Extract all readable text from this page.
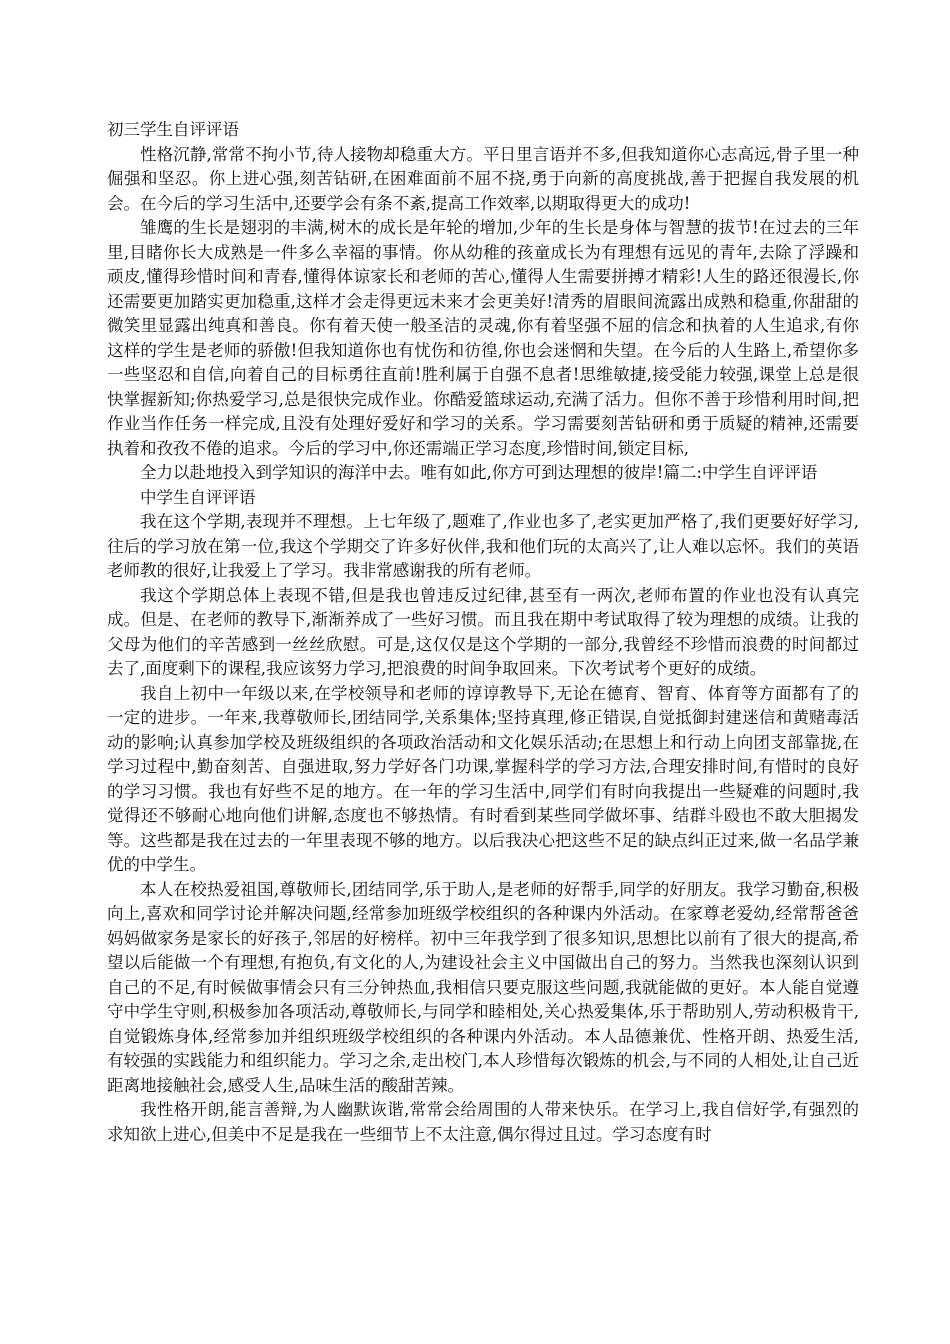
初三学生自评评语

性格沉静,常常不拘小节,待人接物却稳重大方。平日里言语并不多,但我知道你心志高远,骨子里一种倔强和坚忍。你上进心强,刻苦钻研,在困难面前不屈不挠,勇于向新的高度挑战,善于把握自我发展的机会。在今后的学习生活中,还要学会有条不紊,提高工作效率,以期取得更大的成功!

雏鹰的生长是翅羽的丰满,树木的成长是年轮的增加,少年的生长是身体与智慧的拔节!在过去的三年里,目睹你长大成熟是一件多么幸福的事情。你从幼稚的孩童成长为有理想有远见的青年,去除了浮躁和顽皮,懂得珍惜时间和青春,懂得体谅家长和老师的苦心,懂得人生需要拼搏才精彩!人生的路还很漫长,你还需要更加踏实更加稳重,这样才会走得更远未来才会更美好!清秀的眉眼间流露出成熟和稳重,你甜甜的微笑里显露出纯真和善良。你有着天使一般圣洁的灵魂,你有着坚强不屈的信念和执着的人生追求,有你这样的学生是老师的骄傲!但我知道你也有忧伤和彷徨,你也会迷惘和失望。在今后的人生路上,希望你多一些坚忍和自信,向着自己的目标勇往直前!胜利属于自强不息者!思维敏捷,接受能力较强,课堂上总是很快掌握新知;你热爱学习,总是很快完成作业。你酷爱篮球运动,充满了活力。但你不善于珍惜利用时间,把作业当作任务一样完成,且没有处理好爱好和学习的关系。学习需要刻苦钻研和勇于质疑的精神,还需要执着和孜孜不倦的追求。今后的学习中,你还需端正学习态度,珍惜时间,锁定目标,

全力以赴地投入到学知识的海洋中去。唯有如此,你方可到达理想的彼岸!篇二:中学生自评评语

中学生自评评语

我在这个学期,表现并不理想。上七年级了,题难了,作业也多了,老实更加严格了,我们更要好好学习,往后的学习放在第一位,我这个学期交了许多好伙伴,我和他们玩的太高兴了,让人难以忘怀。我们的英语老师教的很好,让我爱上了学习。我非常感谢我的所有老师。

我这个学期总体上表现不错,但是我也曾违反过纪律,甚至有一两次,老师布置的作业也没有认真完成。但是、在老师的教导下,渐渐养成了一些好习惯。而且我在期中考试取得了较为理想的成绩。让我的父母为他们的辛苦感到一丝丝欣慰。可是,这仅仅是这个学期的一部分,我曾经不珍惜而浪费的时间都过去了,面度剩下的课程,我应该努力学习,把浪费的时间争取回来。下次考试考个更好的成绩。

我自上初中一年级以来,在学校领导和老师的谆谆教导下,无论在德育、智育、体育等方面都有了的一定的进步。一年来,我尊敬师长,团结同学,关系集体;坚持真理,修正错误,自觉抵御封建迷信和黄赌毒活动的影响;认真参加学校及班级组织的各项政治活动和文化娱乐活动;在思想上和行动上向团支部靠拢,在学习过程中,勤奋刻苦、自强进取,努力学好各门功课,掌握科学的学习方法,合理安排时间,有惜时的良好的学习习惯。我也有好些不足的地方。在一年的学习生活中,同学们有时向我提出一些疑难的问题时,我觉得还不够耐心地向他们讲解,态度也不够热情。有时看到某些同学做坏事、结群斗殴也不敢大胆揭发等。这些都是我在过去的一年里表现不够的地方。以后我决心把这些不足的缺点纠正过来,做一名品学兼优的中学生。

本人在校热爱祖国,尊敬师长,团结同学,乐于助人,是老师的好帮手,同学的好朋友。我学习勤奋,积极向上,喜欢和同学讨论并解决问题,经常参加班级学校组织的各种课内外活动。在家尊老爱幼,经常帮爸爸妈妈做家务是家长的好孩子,邻居的好榜样。初中三年我学到了很多知识,思想比以前有了很大的提高,希望以后能做一个有理想,有抱负,有文化的人,为建设社会主义中国做出自己的努力。当然我也深刻认识到自己的不足,有时候做事情会只有三分钟热血,我相信只要克服这些问题,我就能做的更好。本人能自觉遵守中学生守则,积极参加各项活动,尊敬师长,与同学和睦相处,关心热爱集体,乐于帮助别人,劳动积极肯干,自觉锻炼身体,经常参加并组织班级学校组织的各种课内外活动。本人品德兼优、性格开朗、热爱生活,有较强的实践能力和组织能力。学习之余,走出校门,本人珍惜每次锻炼的机会,与不同的人相处,让自己近距离地接触社会,感受人生,品味生活的酸甜苦辣。

我性格开朗,能言善辩,为人幽默诙谐,常常会给周围的人带来快乐。在学习上,我自信好学,有强烈的求知欲上进心,但美中不足是我在一些细节上不太注意,偶尔得过且过。学习态度有时
